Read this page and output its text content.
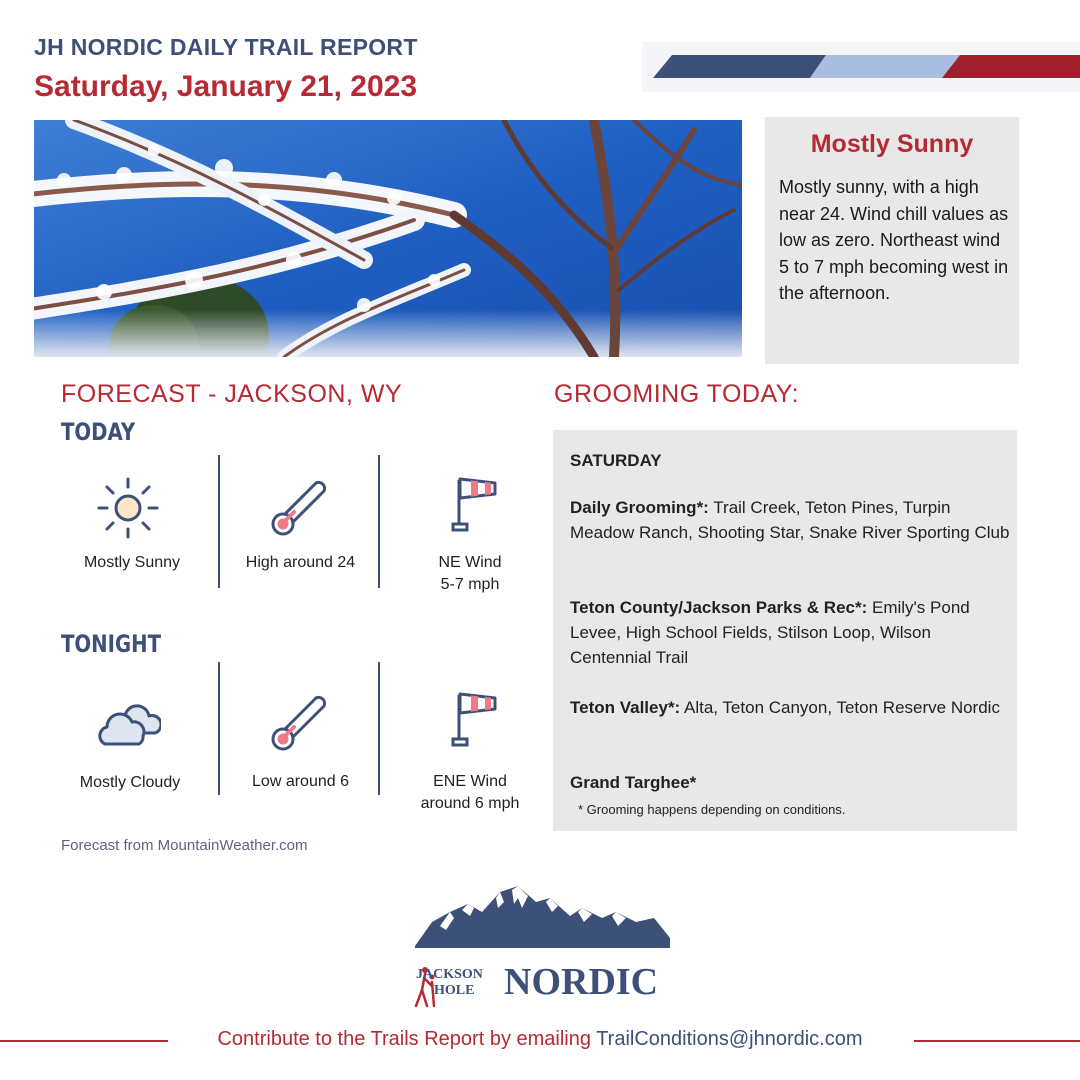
JH NORDIC DAILY TRAIL REPORT
Saturday, January 21, 2023
Mostly Sunny
Mostly sunny, with a high near 24. Wind chill values as low as zero. Northeast wind 5 to 7 mph becoming west in the afternoon.
FORECAST - JACKSON, WY
TODAY
Mostly Sunny	High around 24	NE Wind
5-7 mph
TONIGHT
Mostly Cloudy	Low around 6	ENE Wind
around 6 mph
Forecast from MountainWeather.com
GROOMING TODAY:
SATURDAY
Daily Grooming*: Trail Creek, Teton Pines, Turpin Meadow Ranch, Shooting Star, Snake River Sporting Club
Teton County/Jackson Parks & Rec*: Emily's Pond Levee, High School Fields, Stilson Loop, Wilson Centennial Trail
Teton Valley*: Alta, Teton Canyon, Teton Reserve Nordic
Grand Targhee*
* Grooming happens depending on conditions.
JACKSON
HOLE NORDIC
Contribute to the Trails Report by emailing TrailConditions@jhnordic.com
